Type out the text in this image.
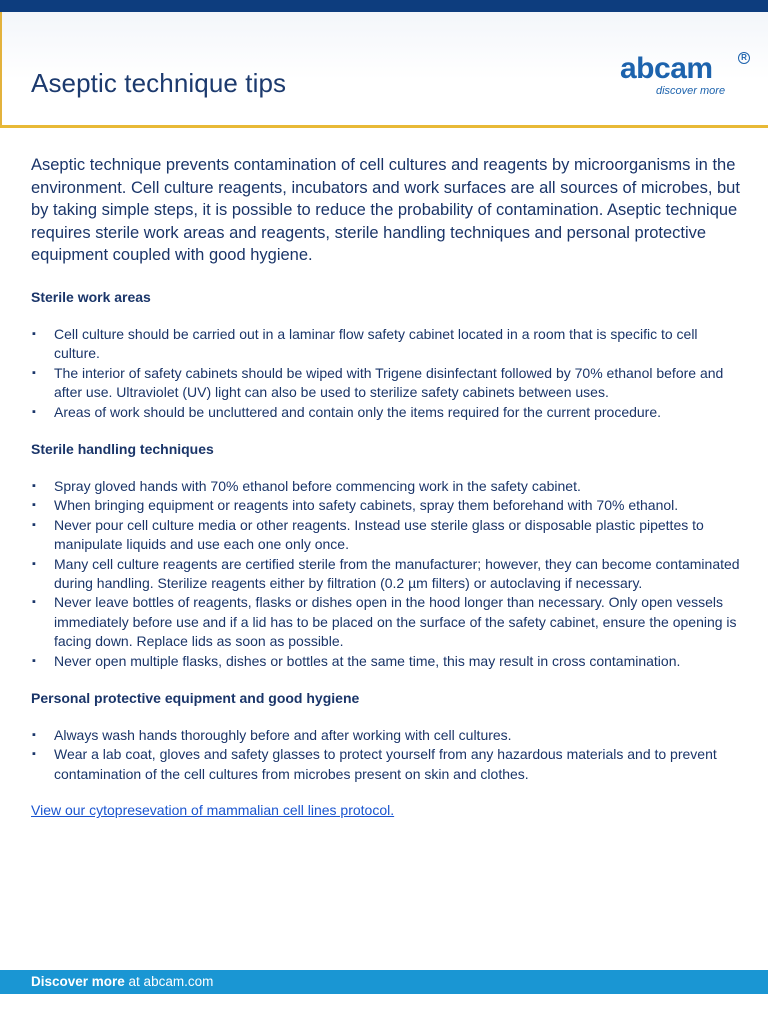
Aseptic technique tips	abcam	R
discover more

Aseptic technique prevents contamination of cell cultures and reagents by microorganisms in the environment. Cell culture reagents, incubators and work surfaces are all sources of microbes, but by taking simple steps, it is possible to reduce the probability of contamination. Aseptic technique requires sterile work areas and reagents, sterile handling techniques and personal protective equipment coupled with good hygiene.

Sterile work areas
▪ Cell culture should be carried out in a laminar flow safety cabinet located in a room that is specific to cell culture.
▪ The interior of safety cabinets should be wiped with Trigene disinfectant followed by 70% ethanol before and after use. Ultraviolet (UV) light can also be used to sterilize safety cabinets between uses.
▪ Areas of work should be uncluttered and contain only the items required for the current procedure.
Sterile handling techniques
▪ Spray gloved hands with 70% ethanol before commencing work in the safety cabinet.
▪ When bringing equipment or reagents into safety cabinets, spray them beforehand with 70% ethanol.
▪ Never pour cell culture media or other reagents. Instead use sterile glass or disposable plastic pipettes to manipulate liquids and use each one only once.
▪ Many cell culture reagents are certified sterile from the manufacturer; however, they can become contaminated during handling. Sterilize reagents either by filtration (0.2 µm filters) or autoclaving if necessary.
▪ Never leave bottles of reagents, flasks or dishes open in the hood longer than necessary. Only open vessels immediately before use and if a lid has to be placed on the surface of the safety cabinet, ensure the opening is facing down. Replace lids as soon as possible.
▪ Never open multiple flasks, dishes or bottles at the same time, this may result in cross contamination.
Personal protective equipment and good hygiene
▪ Always wash hands thoroughly before and after working with cell cultures.
▪ Wear a lab coat, gloves and safety glasses to protect yourself from any hazardous materials and to prevent contamination of the cell cultures from microbes present on skin and clothes.
View our cytopresevation of mammalian cell lines protocol.
Discover more at abcam.com
